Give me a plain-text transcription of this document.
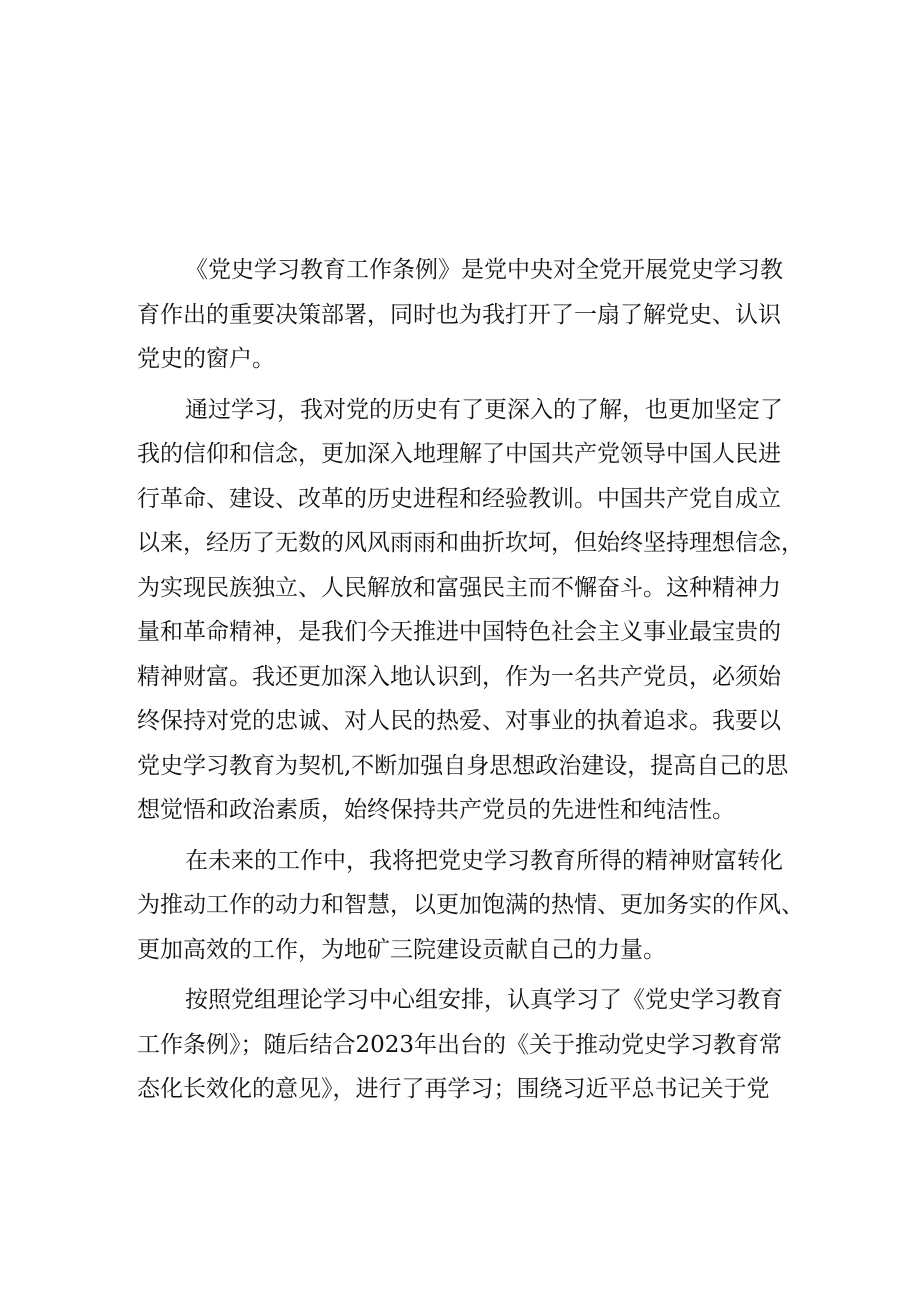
《党史学习教育工作条例》是党中央对全党开展党史学习教
育作出的重要决策部署，同时也为我打开了一扇了解党史、认识
党史的窗户。
通过学习，我对党的历史有了更深入的了解，也更加坚定了
我的信仰和信念，更加深入地理解了中国共产党领导中国人民进
行革命、建设、改革的历史进程和经验教训。中国共产党自成立
以来，经历了无数的风风雨雨和曲折坎坷，但始终坚持理想信念，
为实现民族独立、人民解放和富强民主而不懈奋斗。这种精神力
量和革命精神，是我们今天推进中国特色社会主义事业最宝贵的
精神财富。我还更加深入地认识到，作为一名共产党员，必须始
终保持对党的忠诚、对人民的热爱、对事业的执着追求。我要以
党史学习教育为契机,不断加强自身思想政治建设，提高自己的思
想觉悟和政治素质，始终保持共产党员的先进性和纯洁性。
在未来的工作中，我将把党史学习教育所得的精神财富转化
为推动工作的动力和智慧，以更加饱满的热情、更加务实的作风、
更加高效的工作，为地矿三院建设贡献自己的力量。
按照党组理论学习中心组安排，认真学习了《党史学习教育
工作条例》；随后结合2023年出台的《关于推动党史学习教育常
态化长效化的意见》，进行了再学习；围绕习近平总书记关于党
